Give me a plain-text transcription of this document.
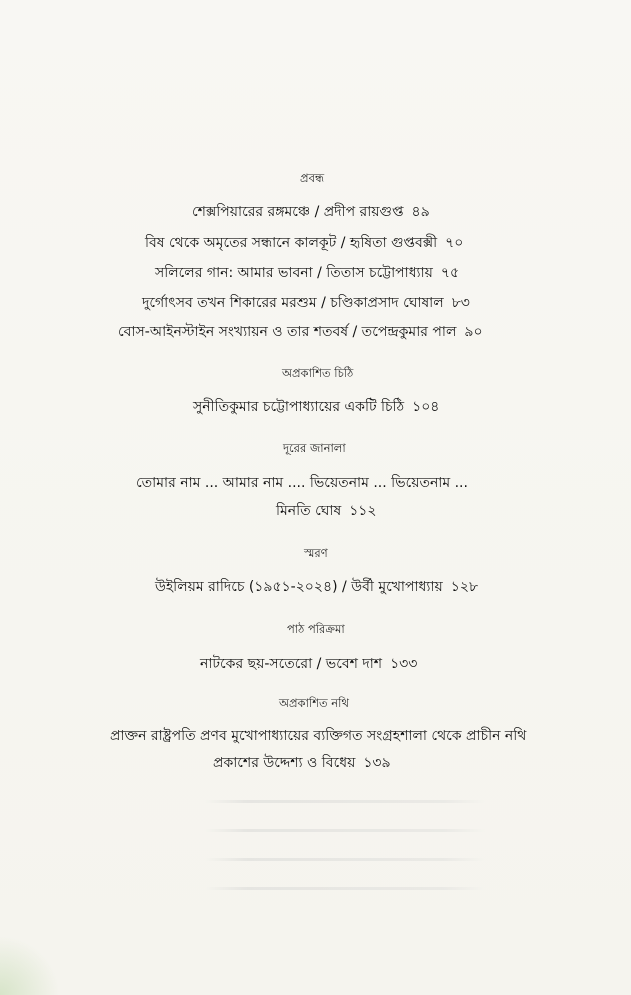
প্রবন্ধ
শেক্সপিয়ারের রঙ্গমঞ্চে / প্রদীপ রায়গুপ্ত ৪৯
বিষ থেকে অমৃতের সন্ধানে কালকূট / হৃষিতা গুপ্তবক্সী ৭০
সলিলের গান: আমার ভাবনা / তিতাস চট্টোপাধ্যায় ৭৫
দুর্গোৎসব তখন শিকারের মরশুম / চণ্ডিকাপ্রসাদ ঘোষাল ৮৩
বোস-আইনস্টাইন সংখ্যায়ন ও তার শতবর্ষ / তপেন্দ্রকুমার পাল ৯০
অপ্রকাশিত চিঠি
সুনীতিকুমার চট্টোপাধ্যায়ের একটি চিঠি ১০৪
দূরের জানালা
তোমার নাম ... আমার নাম .... ভিয়েতনাম ... ভিয়েতনাম ...
মিনতি ঘোষ ১১২
স্মরণ
উইলিয়ম রাদিচে (১৯৫১-২০২৪) / উর্বী মুখোপাধ্যায় ১২৮
পাঠ পরিক্রমা
নাটকের ছয়-সতেরো / ভবেশ দাশ ১৩৩
অপ্রকাশিত নথি
প্রাক্তন রাষ্ট্রপতি প্রণব মুখোপাধ্যায়ের ব্যক্তিগত সংগ্রহশালা থেকে প্রাচীন নথি
প্রকাশের উদ্দেশ্য ও বিধেয় ১৩৯
